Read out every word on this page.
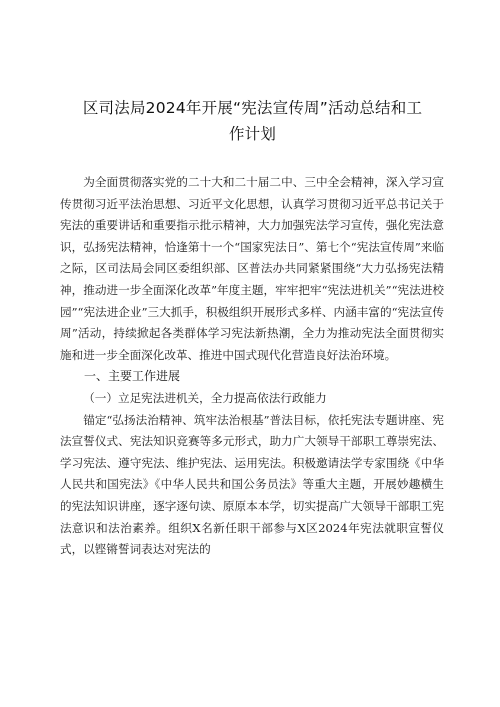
区司法局2024年开展“宪法宣传周”活动总结和工作计划

为全面贯彻落实党的二十大和二十届二中、三中全会精神，深入学习宣传贯彻习近平法治思想、习近平文化思想，认真学习贯彻习近平总书记关于宪法的重要讲话和重要指示批示精神，大力加强宪法学习宣传，强化宪法意识，弘扬宪法精神，恰逢第十一个“国家宪法日”、第七个“宪法宣传周”来临之际，区司法局会同区委组织部、区普法办共同紧紧围绕“大力弘扬宪法精神，推动进一步全面深化改革”年度主题，牢牢把牢“宪法进机关”“宪法进校园”“宪法进企业”三大抓手，积极组织开展形式多样、内涵丰富的“宪法宣传周”活动，持续掀起各类群体学习宪法新热潮，全力为推动宪法全面贯彻实施和进一步全面深化改革、推进中国式现代化营造良好法治环境。

一、主要工作进展

（一）立足宪法进机关，全力提高依法行政能力

锚定“弘扬法治精神、筑牢法治根基”普法目标，依托宪法专题讲座、宪法宣誓仪式、宪法知识竞赛等多元形式，助力广大领导干部职工尊崇宪法、学习宪法、遵守宪法、维护宪法、运用宪法。积极邀请法学专家围绕《中华人民共和国宪法》《中华人民共和国公务员法》等重大主题，开展妙趣横生的宪法知识讲座，逐字逐句读、原原本本学，切实提高广大领导干部职工宪法意识和法治素养。组织X名新任职干部参与X区2024年宪法就职宣誓仪式，以铿锵誓词表达对宪法的
